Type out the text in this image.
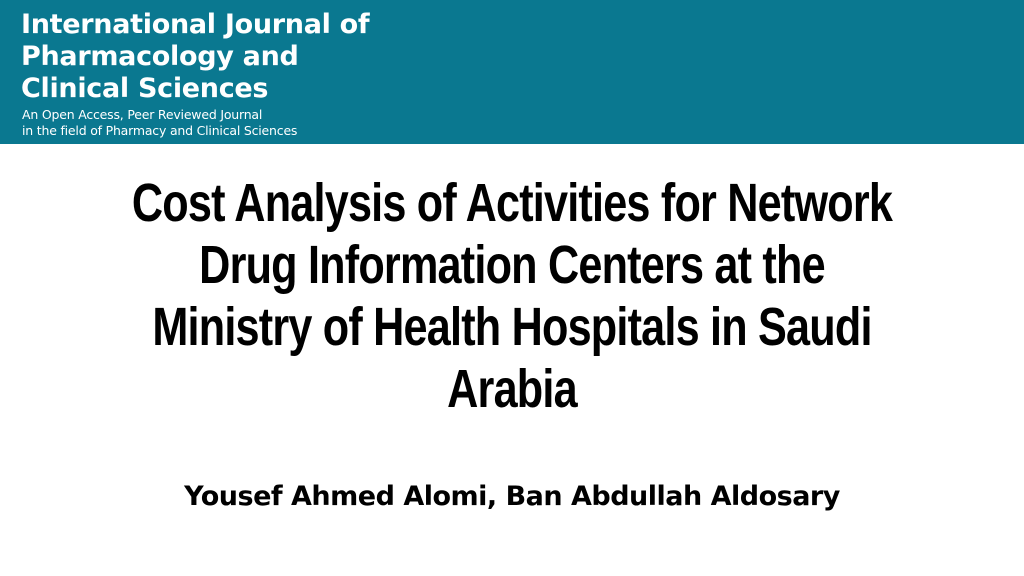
International Journal of
Pharmacology and
Clinical Sciences
An Open Access, Peer Reviewed Journal
in the field of Pharmacy and Clinical Sciences
Cost Analysis of Activities for Network
Drug Information Centers at the
Ministry of Health Hospitals in Saudi
Arabia
Yousef Ahmed Alomi, Ban Abdullah Aldosary
